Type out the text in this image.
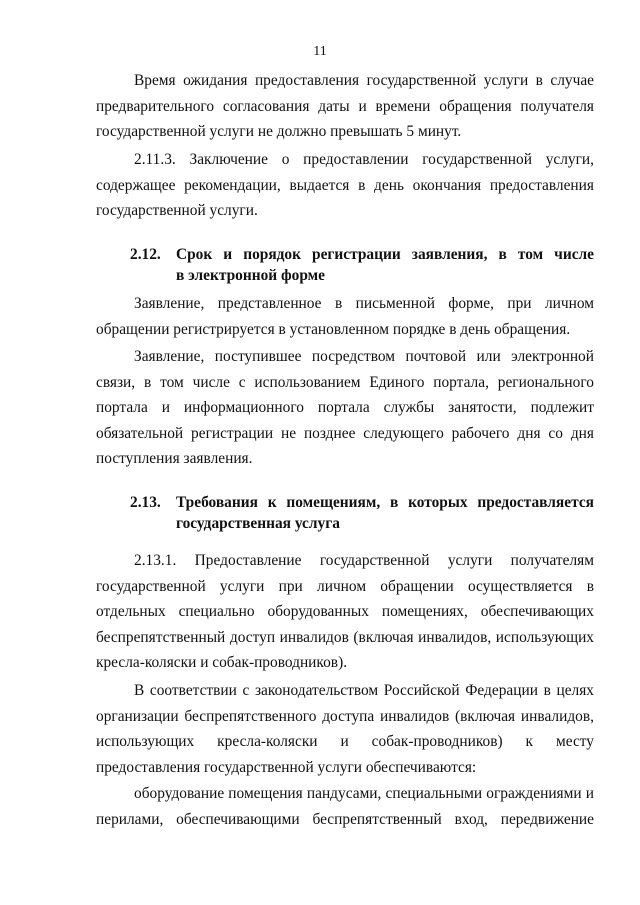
11

Время ожидания предоставления государственной услуги в случае предварительного согласования даты и времени обращения получателя государственной услуги не должно превышать 5 минут.

2.11.3. Заключение о предоставлении государственной услуги, содержащее рекомендации, выдается в день окончания предоставления государственной услуги.

2.12. Срок и порядок регистрации заявления, в том числе
в электронной форме

Заявление, представленное в письменной форме, при личном обращении регистрируется в установленном порядке в день обращения.

Заявление, поступившее посредством почтовой или электронной связи, в том числе с использованием Единого портала, регионального портала и информационного портала службы занятости, подлежит обязательной регистрации не позднее следующего рабочего дня со дня поступления заявления.

2.13. Требования к помещениям, в которых предоставляется
государственная услуга

2.13.1. Предоставление государственной услуги получателям государственной услуги при личном обращении осуществляется в отдельных специально оборудованных помещениях, обеспечивающих беспрепятственный доступ инвалидов (включая инвалидов, использующих кресла-коляски и собак-проводников).

В соответствии с законодательством Российской Федерации в целях организации беспрепятственного доступа инвалидов (включая инвалидов, использующих кресла-коляски и собак-проводников) к месту предоставления государственной услуги обеспечиваются:

оборудование помещения пандусами, специальными ограждениями и перилами, обеспечивающими беспрепятственный вход, передвижение
